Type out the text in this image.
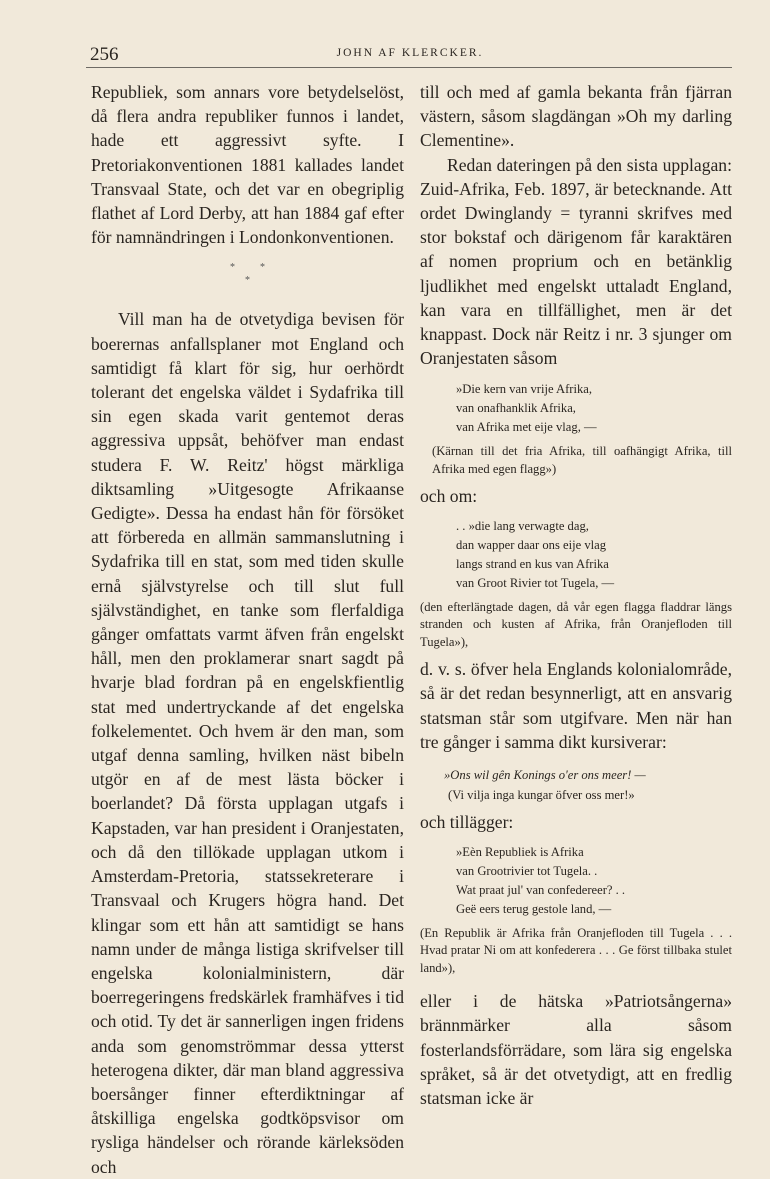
256	JOHN AF KLERCKER.

Republiek, som annars vore betydelselöst, då flera andra republiker funnos i landet, hade ett aggressivt syfte. I Pretoriakonventionen 1881 kallades landet Transvaal State, och det var en obegriplig flathet af Lord Derby, att han 1884 gaf efter för namnändringen i Londonkonventionen.

*          *
*

Vill man ha de otvetydiga bevisen för boerernas anfallsplaner mot England och samtidigt få klart för sig, hur oerhördt tolerant det engelska väldet i Sydafrika till sin egen skada varit gentemot deras aggressiva uppsåt, behöfver man endast studera F. W. Reitz' högst märkliga diktsamling »Uitgesogte Afrikaanse Gedigte». Dessa ha endast hån för försöket att förbereda en allmän sammanslutning i Sydafrika till en stat, som med tiden skulle ernå självstyrelse och till slut full självständighet, en tanke som flerfaldiga gånger omfattats varmt äfven från engelskt håll, men den proklamerar snart sagdt på hvarje blad fordran på en engelskfientlig stat med undertryckande af det engelska folkelementet. Och hvem är den man, som utgaf denna samling, hvilken näst bibeln utgör en af de mest lästa böcker i boerlandet? Då första upplagan utgafs i Kapstaden, var han president i Oranjestaten, och då den tillökade upplagan utkom i Amsterdam-Pretoria, statssekreterare i Transvaal och Krugers högra hand. Det klingar som ett hån att samtidigt se hans namn under de många listiga skrifvelser till engelska kolonialministern, där boerregeringens fredskärlek framhäfves i tid och otid. Ty det är sannerligen ingen fridens anda som genomströmmar dessa ytterst heterogena dikter, där man bland aggressiva boersånger finner efterdiktningar af åtskilliga engelska godtköpsvisor om rysliga händelser och rörande kärleksöden och

till och med af gamla bekanta från fjärran västern, såsom slagdängan »Oh my darling Clementine».

Redan dateringen på den sista upplagan: Zuid-Afrika, Feb. 1897, är betecknande. Att ordet Dwinglandy = tyranni skrifves med stor bokstaf och därigenom får karaktären af nomen proprium och en betänklig ljudlikhet med engelskt uttaladt England, kan vara en tillfällighet, men är det knappast. Dock när Reitz i nr. 3 sjunger om Oranjestaten såsom

»Die kern van vrije Afrika,
van onafhanklik Afrika,
van Afrika met eije vlag, —

(Kärnan till det fria Afrika, till oafhängigt Afrika, till Afrika med egen flagg»)

och om:

. . »die lang verwagte dag,
dan wapper daar ons eije vlag
langs strand en kus van Afrika
van Groot Rivier tot Tugela, —

(den efterlängtade dagen, då vår egen flagga fladdrar längs stranden och kusten af Afrika, från Oranjefloden till Tugela»),

d. v. s. öfver hela Englands kolonialområde, så är det redan besynnerligt, att en ansvarig statsman står som utgifvare. Men när han tre gånger i samma dikt kursiverar:

»Ons wil gên Konings o'er ons meer! —

(Vi vilja inga kungar öfver oss mer!»

och tillägger:

»Eèn Republiek is Afrika
van Grootrivier tot Tugela. .
Wat praat jul' van confedereer? . .
Geë eers terug gestole land, —

(En Republik är Afrika från Oranjefloden till Tugela . . . Hvad pratar Ni om att konfederera . . . Ge först tillbaka stulet land»),

eller i de hätska »Patriotsångerna» brännmärker alla såsom fosterlandsförrädare, som lära sig engelska språket, så är det otvetydigt, att en fredlig statsman icke är
